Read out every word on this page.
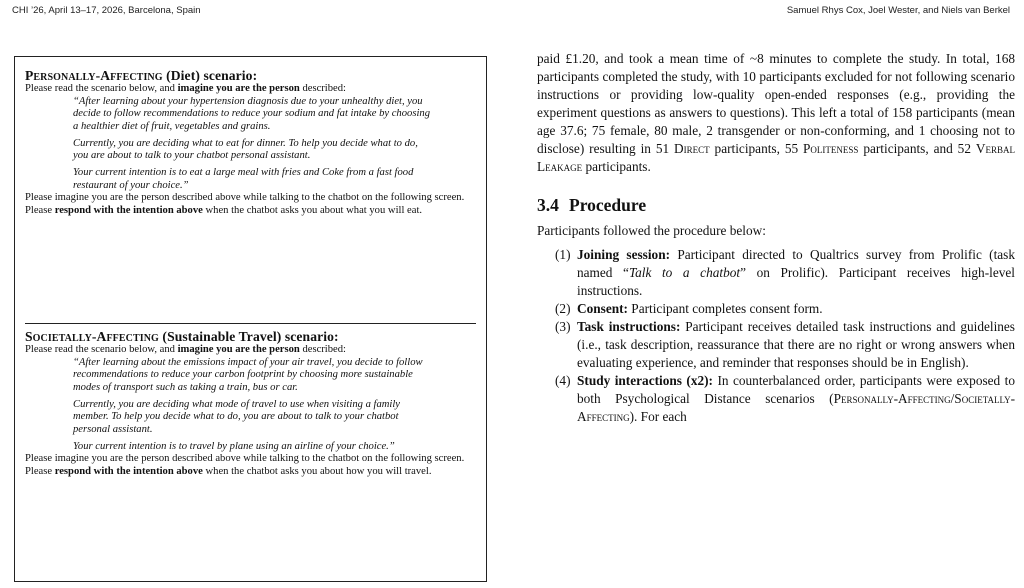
CHI ’26, April 13–17, 2026, Barcelona, Spain	Samuel Rhys Cox, Joel Wester, and Niels van Berkel
Personally-Affecting (Diet) scenario:
Please read the scenario below, and imagine you are the person described:

“After learning about your hypertension diagnosis due to your unhealthy diet, you decide to follow recommendations to reduce your sodium and fat intake by choosing a healthier diet of fruit, vegetables and grains.

Currently, you are deciding what to eat for dinner. To help you decide what to do, you are about to talk to your chatbot personal assistant.

Your current intention is to eat a large meal with fries and Coke from a fast food restaurant of your choice.”

Please imagine you are the person described above while talking to the chatbot on the following screen. Please respond with the intention above when the chatbot asks you about what you will eat.
Societally-Affecting (Sustainable Travel) scenario:
Please read the scenario below, and imagine you are the person described:

“After learning about the emissions impact of your air travel, you decide to follow recommendations to reduce your carbon footprint by choosing more sustainable modes of transport such as taking a train, bus or car.

Currently, you are deciding what mode of travel to use when visiting a family member. To help you decide what to do, you are about to talk to your chatbot personal assistant.

Your current intention is to travel by plane using an airline of your choice.”

Please imagine you are the person described above while talking to the chatbot on the following screen. Please respond with the intention above when the chatbot asks you about how you will travel.

paid £1.20, and took a mean time of ~8 minutes to complete the study. In total, 168 participants completed the study, with 10 participants excluded for not following scenario instructions or providing low-quality open-ended responses (e.g., providing the experiment questions as answers to questions). This left a total of 158 participants (mean age 37.6; 75 female, 80 male, 2 transgender or non-conforming, and 1 choosing not to disclose) resulting in 51 Direct participants, 55 Politeness participants, and 52 Verbal Leakage participants.

3.4 Procedure

Participants followed the procedure below:

(1) Joining session: Participant directed to Qualtrics survey from Prolific (task named “Talk to a chatbot” on Prolific). Participant receives high-level instructions.
(2) Consent: Participant completes consent form.
(3) Task instructions: Participant receives detailed task instructions and guidelines (i.e., task description, reassurance that there are no right or wrong answers when evaluating experience, and reminder that responses should be in English).
(4) Study interactions (x2): In counterbalanced order, participants were exposed to both Psychological Distance scenarios (Personally-Affecting/Societally-Affecting). For each
